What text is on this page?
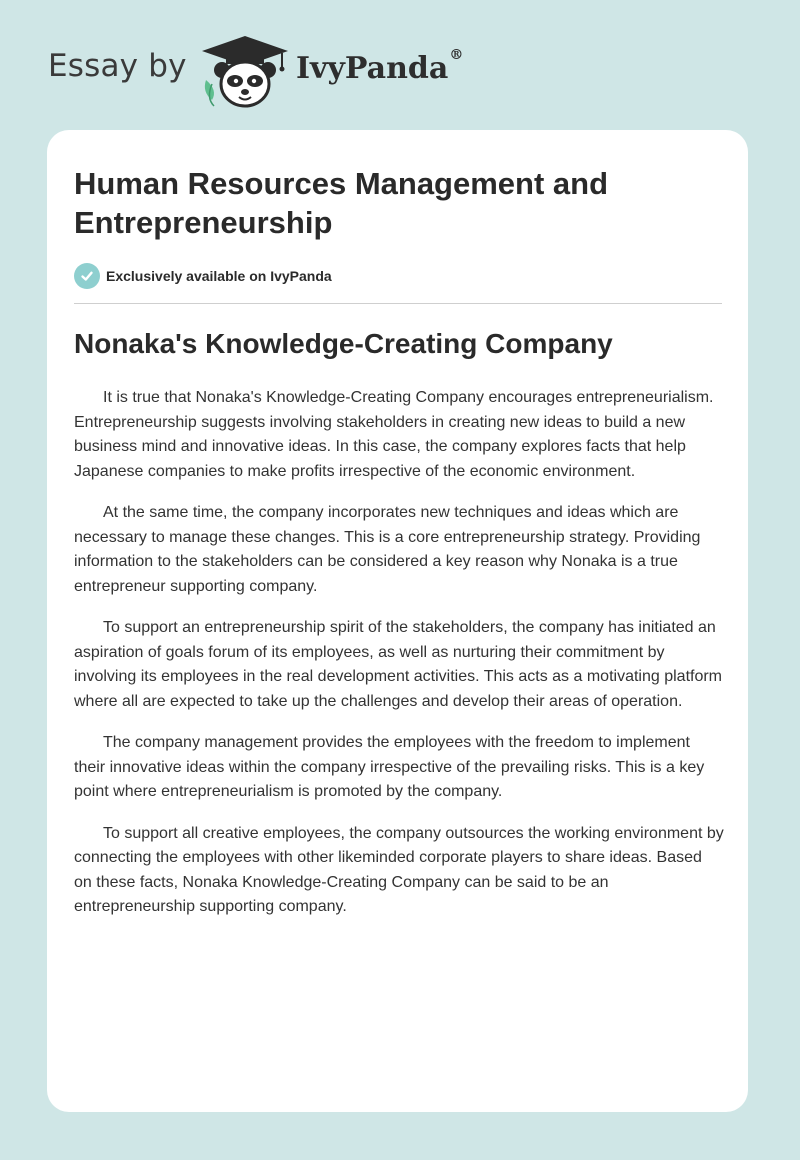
Essay by	IvyPanda®
Human Resources Management and Entrepreneurship
Exclusively available on IvyPanda
Nonaka's Knowledge-Creating Company

It is true that Nonaka's Knowledge-Creating Company encourages entrepreneurialism. Entrepreneurship suggests involving stakeholders in creating new ideas to build a new business mind and innovative ideas. In this case, the company explores facts that help Japanese companies to make profits irrespective of the economic environment.

At the same time, the company incorporates new techniques and ideas which are necessary to manage these changes. This is a core entrepreneurship strategy. Providing information to the stakeholders can be considered a key reason why Nonaka is a true entrepreneur supporting company.

To support an entrepreneurship spirit of the stakeholders, the company has initiated an aspiration of goals forum of its employees, as well as nurturing their commitment by involving its employees in the real development activities. This acts as a motivating platform where all are expected to take up the challenges and develop their areas of operation.

The company management provides the employees with the freedom to implement their innovative ideas within the company irrespective of the prevailing risks. This is a key point where entrepreneurialism is promoted by the company.

To support all creative employees, the company outsources the working environment by connecting the employees with other likeminded corporate players to share ideas. Based on these facts, Nonaka Knowledge-Creating Company can be said to be an entrepreneurship supporting company.
